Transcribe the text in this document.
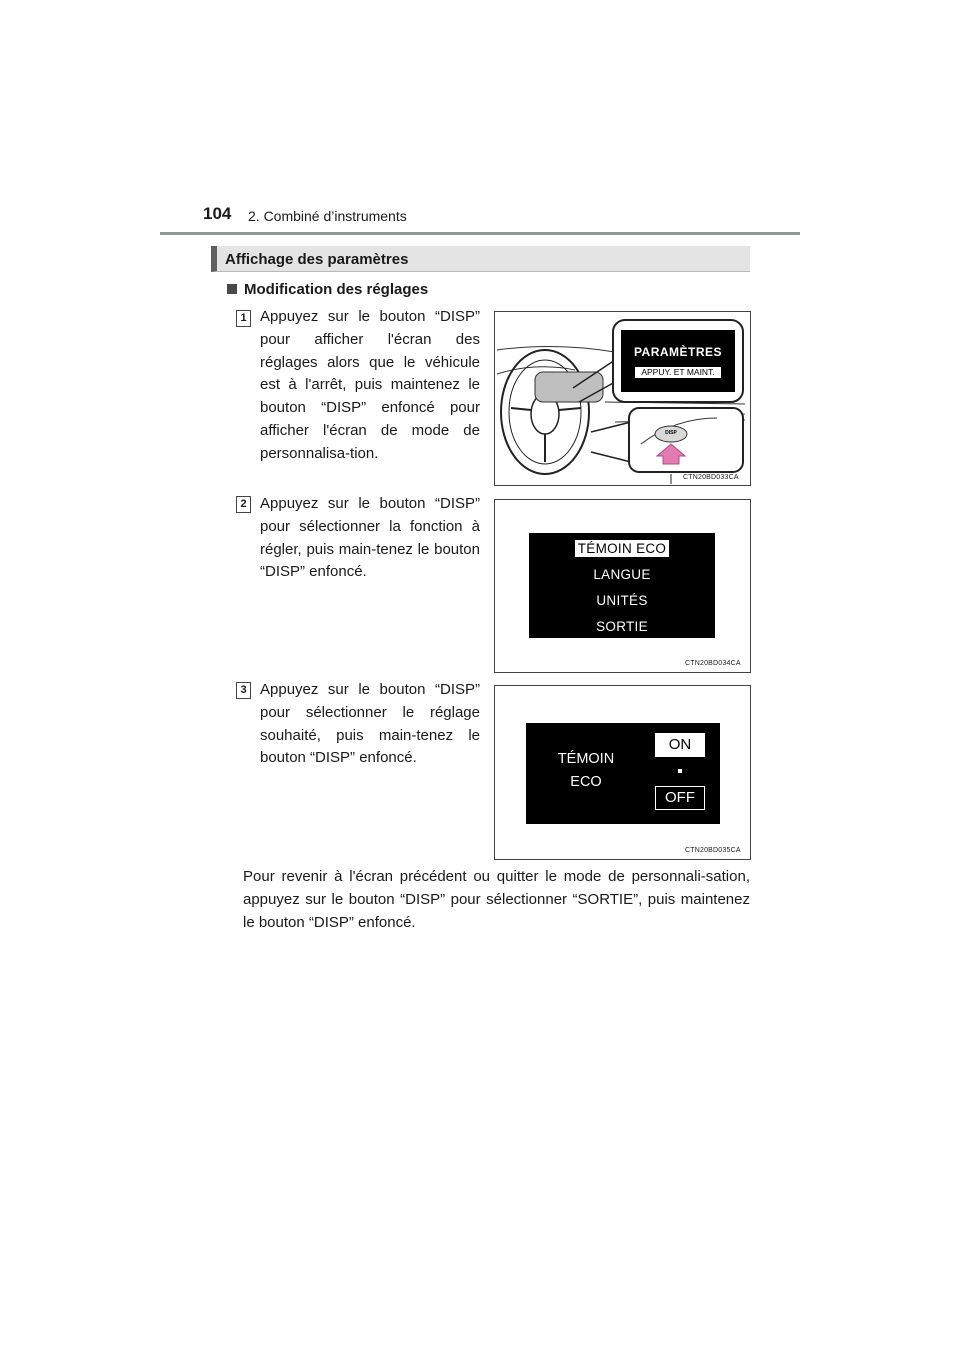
104 2. Combiné d’instruments
Affichage des paramètres
Modification des réglages
1 Appuyez sur le bouton “DISP” pour afficher l'écran des réglages alors que le véhicule est à l'arrêt, puis maintenez le bouton “DISP” enfoncé pour afficher l'écran de mode de personnalisa-tion.
PARAMÈTRES
APPUY. ET MAINT.
DISP
CTN20BD033CA
2 Appuyez sur le bouton “DISP” pour sélectionner la fonction à régler, puis main-tenez le bouton “DISP” enfoncé.
TÉMOIN ECO
LANGUE
UNITÉS
SORTIE
CTN20BD034CA
3 Appuyez sur le bouton “DISP” pour sélectionner le réglage souhaité, puis main-tenez le bouton “DISP” enfoncé.	TÉMOIN
ECO
ON
OFF
CTN20BD035CA
Pour revenir à l'écran précédent ou quitter le mode de personnali-sation, appuyez sur le bouton “DISP” pour sélectionner “SORTIE”, puis maintenez le bouton “DISP” enfoncé.
